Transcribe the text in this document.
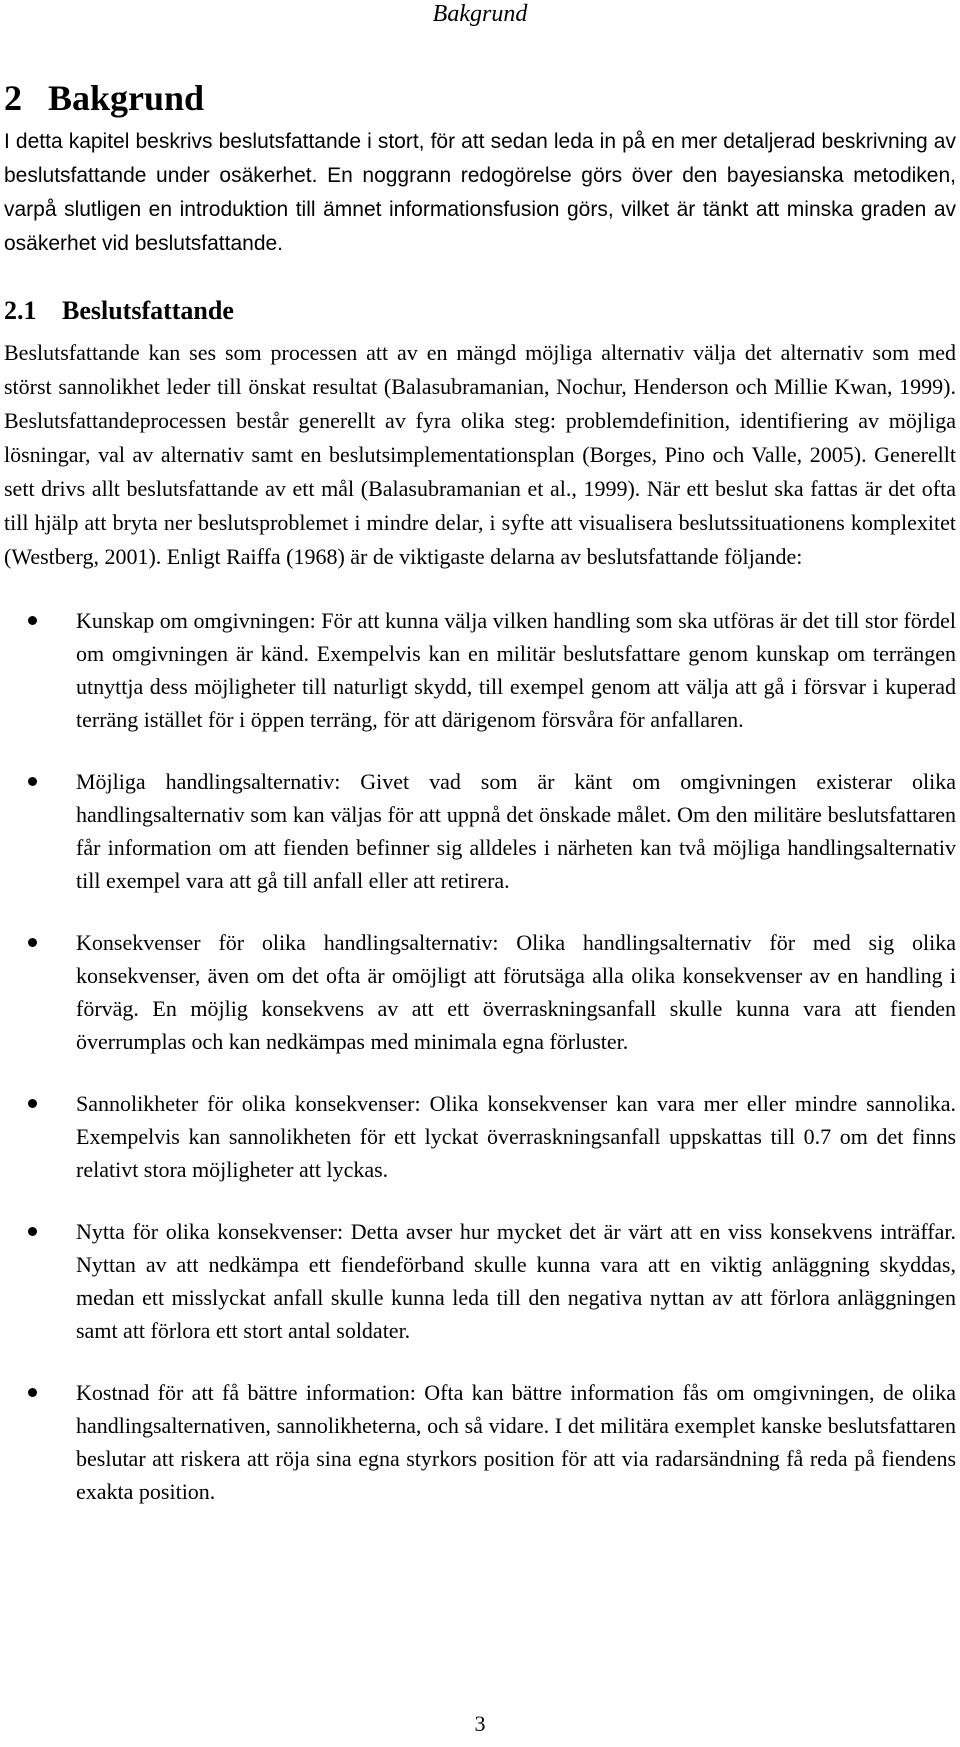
Bakgrund
2 Bakgrund

I detta kapitel beskrivs beslutsfattande i stort, för att sedan leda in på en mer detaljerad beskrivning av beslutsfattande under osäkerhet. En noggrann redogörelse görs över den bayesianska metodiken, varpå slutligen en introduktion till ämnet informationsfusion görs, vilket är tänkt att minska graden av osäkerhet vid beslutsfattande.

2.1 Beslutsfattande

Beslutsfattande kan ses som processen att av en mängd möjliga alternativ välja det alternativ som med störst sannolikhet leder till önskat resultat (Balasubramanian, Nochur, Henderson och Millie Kwan, 1999). Beslutsfattandeprocessen består generellt av fyra olika steg: problemdefinition, identifiering av möjliga lösningar, val av alternativ samt en beslutsimplementationsplan (Borges, Pino och Valle, 2005). Generellt sett drivs allt beslutsfattande av ett mål (Balasubramanian et al., 1999). När ett beslut ska fattas är det ofta till hjälp att bryta ner beslutsproblemet i mindre delar, i syfte att visualisera beslutssituationens komplexitet (Westberg, 2001). Enligt Raiffa (1968) är de viktigaste delarna av beslutsfattande följande:

Kunskap om omgivningen: För att kunna välja vilken handling som ska utföras är det till stor fördel om omgivningen är känd. Exempelvis kan en militär beslutsfattare genom kunskap om terrängen utnyttja dess möjligheter till naturligt skydd, till exempel genom att välja att gå i försvar i kuperad terräng istället för i öppen terräng, för att därigenom försvåra för anfallaren.
Möjliga handlingsalternativ: Givet vad som är känt om omgivningen existerar olika handlingsalternativ som kan väljas för att uppnå det önskade målet. Om den militäre beslutsfattaren får information om att fienden befinner sig alldeles i närheten kan två möjliga handlingsalternativ till exempel vara att gå till anfall eller att retirera.
Konsekvenser för olika handlingsalternativ: Olika handlingsalternativ för med sig olika konsekvenser, även om det ofta är omöjligt att förutsäga alla olika konsekvenser av en handling i förväg. En möjlig konsekvens av att ett överraskningsanfall skulle kunna vara att fienden överrumplas och kan nedkämpas med minimala egna förluster.
Sannolikheter för olika konsekvenser: Olika konsekvenser kan vara mer eller mindre sannolika. Exempelvis kan sannolikheten för ett lyckat överraskningsanfall uppskattas till 0.7 om det finns relativt stora möjligheter att lyckas.
Nytta för olika konsekvenser: Detta avser hur mycket det är värt att en viss konsekvens inträffar. Nyttan av att nedkämpa ett fiendeförband skulle kunna vara att en viktig anläggning skyddas, medan ett misslyckat anfall skulle kunna leda till den negativa nyttan av att förlora anläggningen samt att förlora ett stort antal soldater.
Kostnad för att få bättre information: Ofta kan bättre information fås om omgivningen, de olika handlingsalternativen, sannolikheterna, och så vidare. I det militära exemplet kanske beslutsfattaren beslutar att riskera att röja sina egna styrkors position för att via radarsändning få reda på fiendens exakta position.
3
